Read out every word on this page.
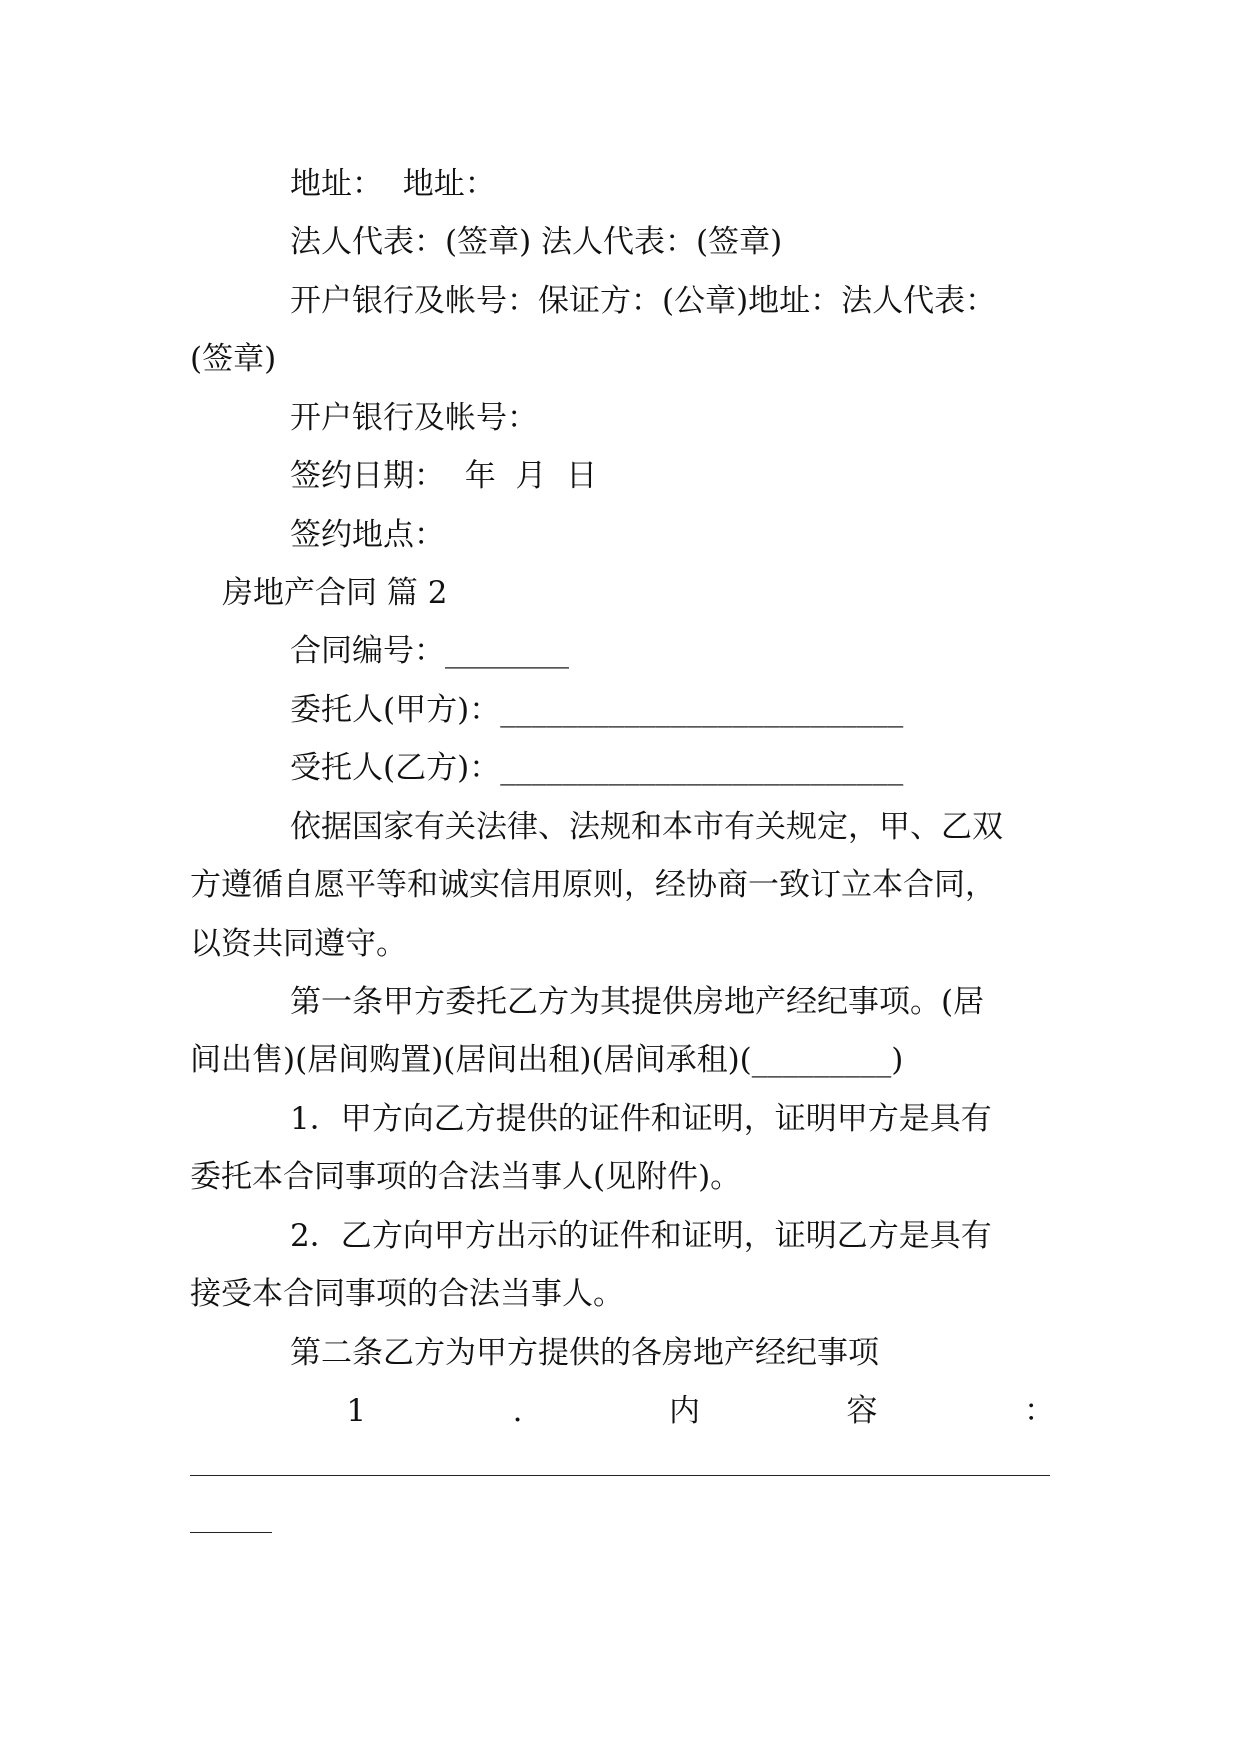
地址：  地址：
法人代表：(签章) 法人代表：(签章)
开户银行及帐号：保证方：(公章)地址：法人代表：
(签章)
开户银行及帐号：
签约日期：  年  月  日
签约地点：
房地产合同 篇 2
合同编号：________
委托人(甲方)：__________________________
受托人(乙方)：__________________________
依据国家有关法律、法规和本市有关规定，甲、乙双
方遵循自愿平等和诚实信用原则，经协商一致订立本合同，
以资共同遵守。
第一条甲方委托乙方为其提供房地产经纪事项。(居
间出售)(居间购置)(居间出租)(居间承租)(_________)
1．甲方向乙方提供的证件和证明，证明甲方是具有
委托本合同事项的合法当事人(见附件)。
2．乙方向甲方出示的证件和证明，证明乙方是具有
接受本合同事项的合法当事人。
第二条乙方为甲方提供的各房地产经纪事项

1	.	内	容	：
